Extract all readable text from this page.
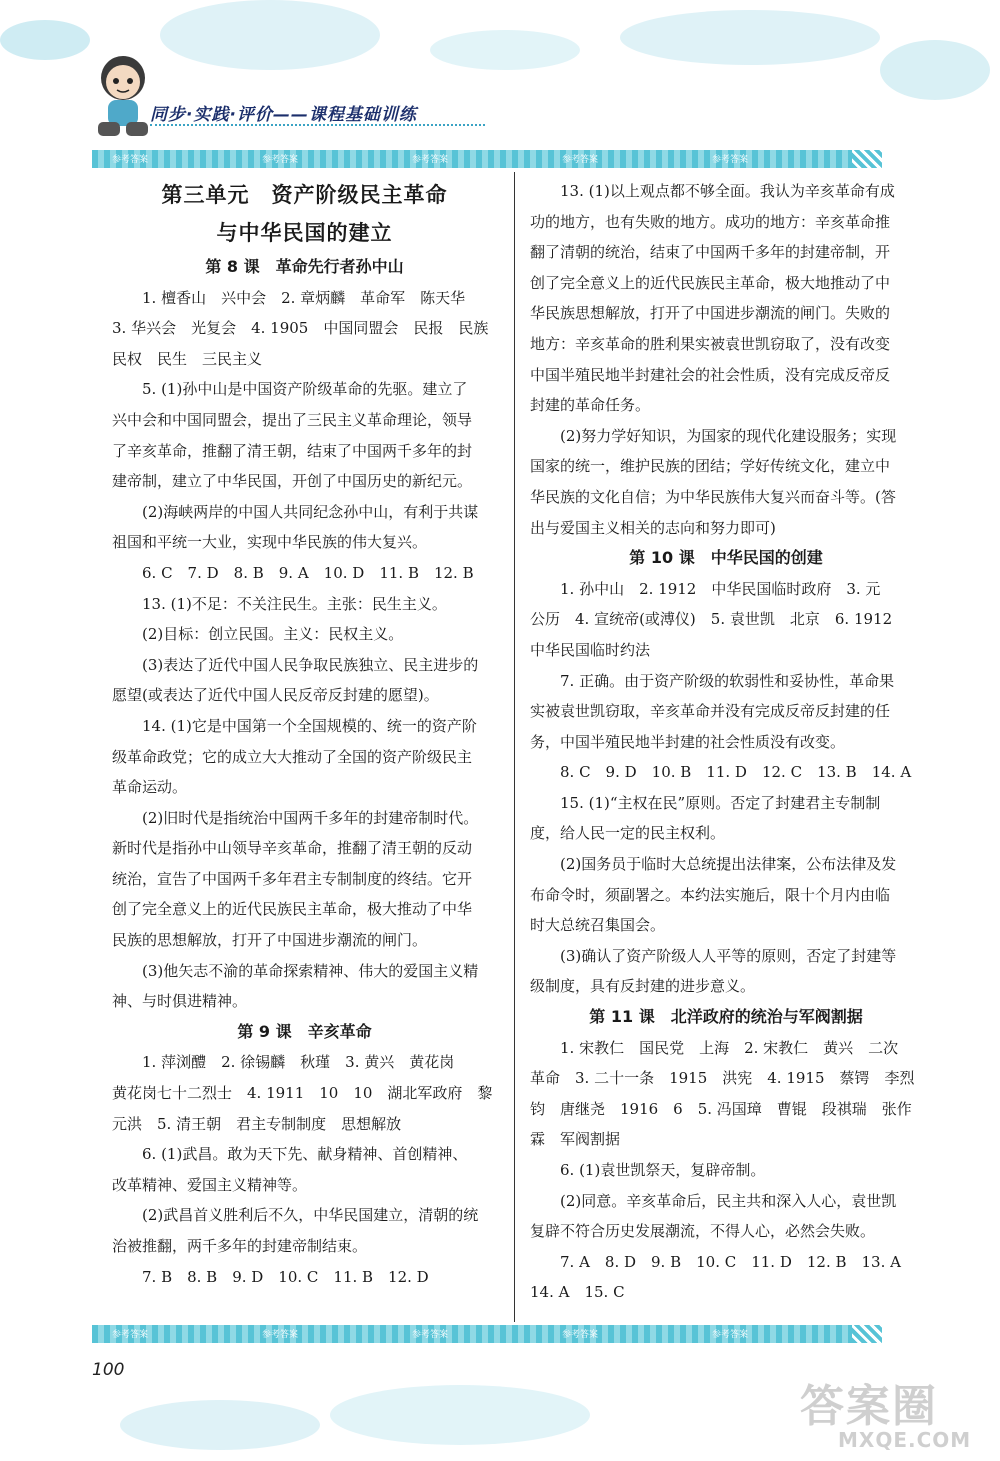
同步·实践·评价——课程基础训练
参考答案	参考答案	参考答案	参考答案	参考答案
第三单元　资产阶级民主革命
与中华民国的建立
第 8 课　革命先行者孙中山
1. 檀香山　兴中会　2. 章炳麟　革命军　陈天华
3. 华兴会　光复会　4. 1905　中国同盟会　民报　民族
民权　民生　三民主义
5. (1)孙中山是中国资产阶级革命的先驱。建立了
兴中会和中国同盟会，提出了三民主义革命理论，领导
了辛亥革命，推翻了清王朝，结束了中国两千多年的封
建帝制，建立了中华民国，开创了中国历史的新纪元。
(2)海峡两岸的中国人共同纪念孙中山，有利于共谋
祖国和平统一大业，实现中华民族的伟大复兴。
6. C　7. D　8. B　9. A　10. D　11. B　12. B
13. (1)不足：不关注民生。主张：民生主义。
(2)目标：创立民国。主义：民权主义。
(3)表达了近代中国人民争取民族独立、民主进步的
愿望(或表达了近代中国人民反帝反封建的愿望)。
14. (1)它是中国第一个全国规模的、统一的资产阶
级革命政党；它的成立大大推动了全国的资产阶级民主
革命运动。
(2)旧时代是指统治中国两千多年的封建帝制时代。
新时代是指孙中山领导辛亥革命，推翻了清王朝的反动
统治，宣告了中国两千多年君主专制制度的终结。它开
创了完全意义上的近代民族民主革命，极大推动了中华
民族的思想解放，打开了中国进步潮流的闸门。
(3)他矢志不渝的革命探索精神、伟大的爱国主义精
神、与时俱进精神。
第 9 课　辛亥革命
1. 萍浏醴　2. 徐锡麟　秋瑾　3. 黄兴　黄花岗
黄花岗七十二烈士　4. 1911　10　10　湖北军政府　黎
元洪　5. 清王朝　君主专制制度　思想解放
6. (1)武昌。敢为天下先、献身精神、首创精神、
改革精神、爱国主义精神等。
(2)武昌首义胜利后不久，中华民国建立，清朝的统
治被推翻，两千多年的封建帝制结束。
7. B　8. B　9. D　10. C　11. B　12. D
13. (1)以上观点都不够全面。我认为辛亥革命有成
功的地方，也有失败的地方。成功的地方：辛亥革命推
翻了清朝的统治，结束了中国两千多年的封建帝制，开
创了完全意义上的近代民族民主革命，极大地推动了中
华民族思想解放，打开了中国进步潮流的闸门。失败的
地方：辛亥革命的胜利果实被袁世凯窃取了，没有改变
中国半殖民地半封建社会的社会性质，没有完成反帝反
封建的革命任务。
(2)努力学好知识，为国家的现代化建设服务；实现
国家的统一，维护民族的团结；学好传统文化，建立中
华民族的文化自信；为中华民族伟大复兴而奋斗等。(答
出与爱国主义相关的志向和努力即可)
第 10 课　中华民国的创建
1. 孙中山　2. 1912　中华民国临时政府　3. 元
公历　4. 宣统帝(或溥仪)　5. 袁世凯　北京　6. 1912
中华民国临时约法
7. 正确。由于资产阶级的软弱性和妥协性，革命果
实被袁世凯窃取，辛亥革命并没有完成反帝反封建的任
务，中国半殖民地半封建的社会性质没有改变。
8. C　9. D　10. B　11. D　12. C　13. B　14. A
15. (1)“主权在民”原则。否定了封建君主专制制
度，给人民一定的民主权利。
(2)国务员于临时大总统提出法律案，公布法律及发
布命令时，须副署之。本约法实施后，限十个月内由临
时大总统召集国会。
(3)确认了资产阶级人人平等的原则，否定了封建等
级制度，具有反封建的进步意义。
第 11 课　北洋政府的统治与军阀割据
1. 宋教仁　国民党　上海　2. 宋教仁　黄兴　二次
革命　3. 二十一条　1915　洪宪　4. 1915　蔡锷　李烈
钧　唐继尧　1916　6　5. 冯国璋　曹锟　段祺瑞　张作
霖　军阀割据
6. (1)袁世凯祭天，复辟帝制。
(2)同意。辛亥革命后，民主共和深入人心，袁世凯
复辟不符合历史发展潮流，不得人心，必然会失败。
7. A　8. D　9. B　10. C　11. D　12. B　13. A
14. A　15. C
参考答案	参考答案	参考答案	参考答案	参考答案
100
答案圈
MXQE.COM
